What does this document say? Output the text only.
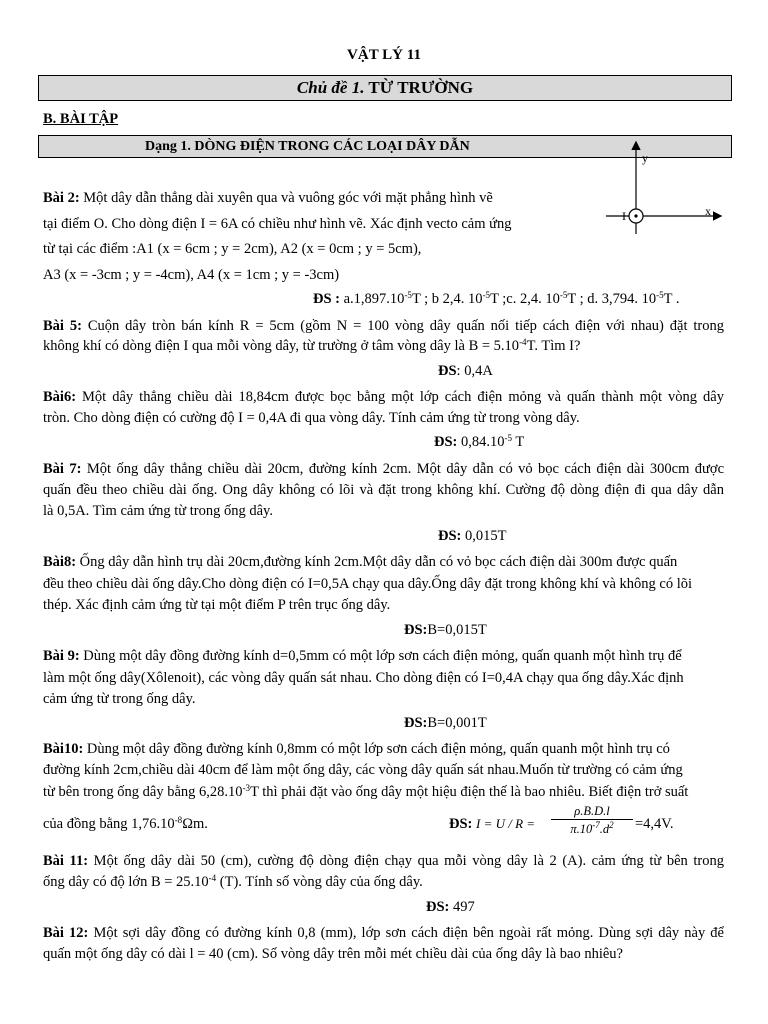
VẬT LÝ 11
Chủ đề 1. TỪ TRƯỜNG
B. BÀI TẬP
Dạng 1. DÒNG ĐIỆN TRONG CÁC LOẠI DÂY DẪN
y
x
I
Bài 2: Một dây dẫn thẳng dài xuyên qua và vuông góc với mặt phẳng hình vẽ
tại điểm O. Cho dòng điện I = 6A có chiều như hình vẽ. Xác định vecto cảm ứng
từ tại các điểm :A1 (x = 6cm ; y = 2cm), A2 (x = 0cm ; y = 5cm),
A3 (x = -3cm ; y = -4cm), A4 (x = 1cm ; y = -3cm)
ĐS : $a.1,897.10^{-5}T$ ; b 2,4. $10^{-5}T$ ;c. 2,4. $10^{-5}T$ ; d. 3,794. $10^{-5}T$ .
Bài 5: Cuộn dây tròn bán kính R = 5cm (gồm N = 100 vòng dây quấn nối tiếp cách điện với nhau) đặt trong
không khí có dòng điện I qua mỗi vòng dây, từ trường ở tâm vòng dây là $B = 5.10^{-4}T$. Tìm I?
ĐS: 0,4A
Bài6: Một dây thẳng chiều dài 18,84cm được bọc bằng một lớp cách điện mỏng và quấn thành một vòng dây
tròn. Cho dòng điện có cường độ I = 0,4A đi qua vòng dây. Tính cảm ứng từ trong vòng dây.
ĐS: $0,84.10^{-5}$ T
Bài 7: Một ống dây thẳng chiều dài 20cm, đường kính 2cm. Một dây dẫn có vỏ bọc cách điện dài 300cm được
quấn đều theo chiều dài ống. Ong dây không có lõi và đặt trong không khí. Cường độ dòng điện đi qua dây dẫn
là 0,5A. Tìm cảm ứng từ trong ống dây.
ĐS: 0,015T
Bài8: Ống dây dẫn hình trụ dài 20cm,đường kính 2cm.Một dây dẫn có vỏ bọc cách điện dài 300m được quấn
đều theo chiều dài ống dây.Cho dòng điện có I=0,5A chạy qua dây.Ống dây đặt trong không khí và không có lõi
thép. Xác định cảm ứng từ tại một điểm P trên trục ống dây.
ĐS:B=0,015T
Bài 9: Dùng một dây đồng đường kính d=0,5mm có một lớp sơn cách điện mỏng, quấn quanh một hình trụ để
làm một ống dây(Xôlenoit), các vòng dây quấn sát nhau. Cho dòng điện có I=0,4A chạy qua ống dây.Xác định
cảm ứng từ trong ống dây.
ĐS:B=0,001T
Bài10: Dùng một dây đồng đường kính 0,8mm có một lớp sơn cách điện mỏng, quấn quanh một hình trụ có
đường kính 2cm,chiều dài 40cm để làm một ống dây, các vòng dây quấn sát nhau.Muốn từ trường có cảm ứng
từ bên trong ống dây bằng $6,28.10^{-3}T$ thì phải đặt vào ống dây một hiệu điện thế là bao nhiêu. Biết điện trở suất
của đồng bằng $1,76.10^{-8}\Omega m$.	ĐS: $I = U / R = \frac{\rho.B.D.l}{\pi.10^{-7}.d^2} =4,4V$.
Bài 11: Một ống dây dài 50 (cm), cường độ dòng điện chạy qua mỗi vòng dây là 2 (A). cảm ứng từ bên trong
ống dây có độ lớn $B = 25.10^{-4}$ (T). Tính số vòng dây của ống dây.
ĐS: 497
Bài 12: Một sợi dây đồng có đường kính 0,8 (mm), lớp sơn cách điện bên ngoài rất mỏng. Dùng sợi dây này để
quấn một ống dây có dài l = 40 (cm). Số vòng dây trên mỗi mét chiều dài của ống dây là bao nhiêu?
